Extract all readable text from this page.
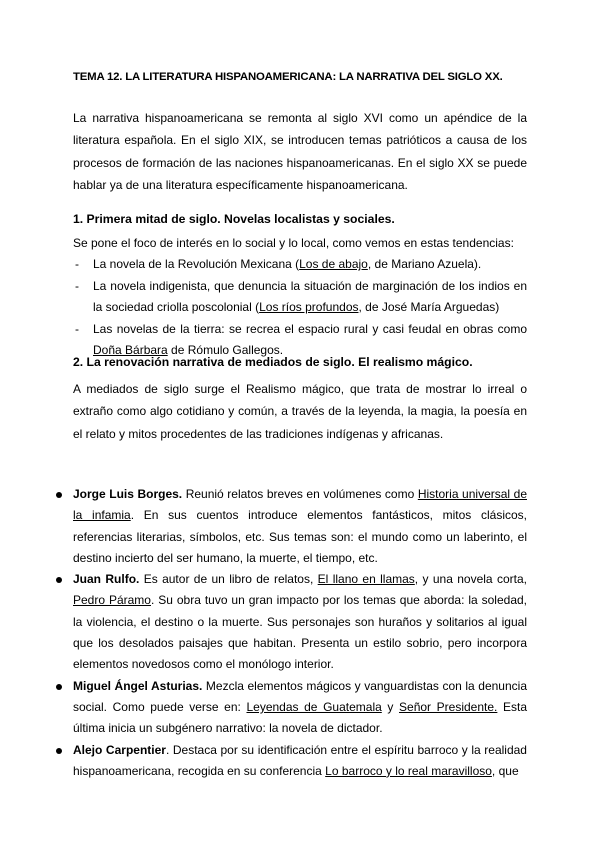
TEMA 12. LA LITERATURA HISPANOAMERICANA: LA NARRATIVA DEL SIGLO XX.

La narrativa hispanoamericana se remonta al siglo XVI como un apéndice de la literatura española. En el siglo XIX, se introducen temas patrióticos a causa de los procesos de formación de las naciones hispanoamericanas. En el siglo XX se puede hablar ya de una literatura específicamente hispanoamericana.

1. Primera mitad de siglo. Novelas localistas y sociales.
Se pone el foco de interés en lo social y lo local, como vemos en estas tendencias:
- La novela de la Revolución Mexicana (Los de abajo, de Mariano Azuela).
- La novela indigenista, que denuncia la situación de marginación de los indios en la sociedad criolla poscolonial (Los ríos profundos, de José María Arguedas)
- Las novelas de la tierra: se recrea el espacio rural y casi feudal en obras como Doña Bárbara de Rómulo Gallegos.
2. La renovación narrativa de mediados de siglo. El realismo mágico.

A mediados de siglo surge el Realismo mágico, que trata de mostrar lo irreal o extraño como algo cotidiano y común, a través de la leyenda, la magia, la poesía en el relato y mitos procedentes de las tradiciones indígenas y africanas.

Jorge Luis Borges. Reunió relatos breves en volúmenes como Historia universal de la infamia. En sus cuentos introduce elementos fantásticos, mitos clásicos, referencias literarias, símbolos, etc. Sus temas son: el mundo como un laberinto, el destino incierto del ser humano, la muerte, el tiempo, etc.
Juan Rulfo. Es autor de un libro de relatos, El llano en llamas, y una novela corta, Pedro Páramo. Su obra tuvo un gran impacto por los temas que aborda: la soledad, la violencia, el destino o la muerte. Sus personajes son huraños y solitarios al igual que los desolados paisajes que habitan. Presenta un estilo sobrio, pero incorpora elementos novedosos como el monólogo interior.
Miguel Ángel Asturias. Mezcla elementos mágicos y vanguardistas con la denuncia social. Como puede verse en: Leyendas de Guatemala y Señor Presidente. Esta última inicia un subgénero narrativo: la novela de dictador.
Alejo Carpentier. Destaca por su identificación entre el espíritu barroco y la realidad hispanoamericana, recogida en su conferencia Lo barroco y lo real maravilloso, que
